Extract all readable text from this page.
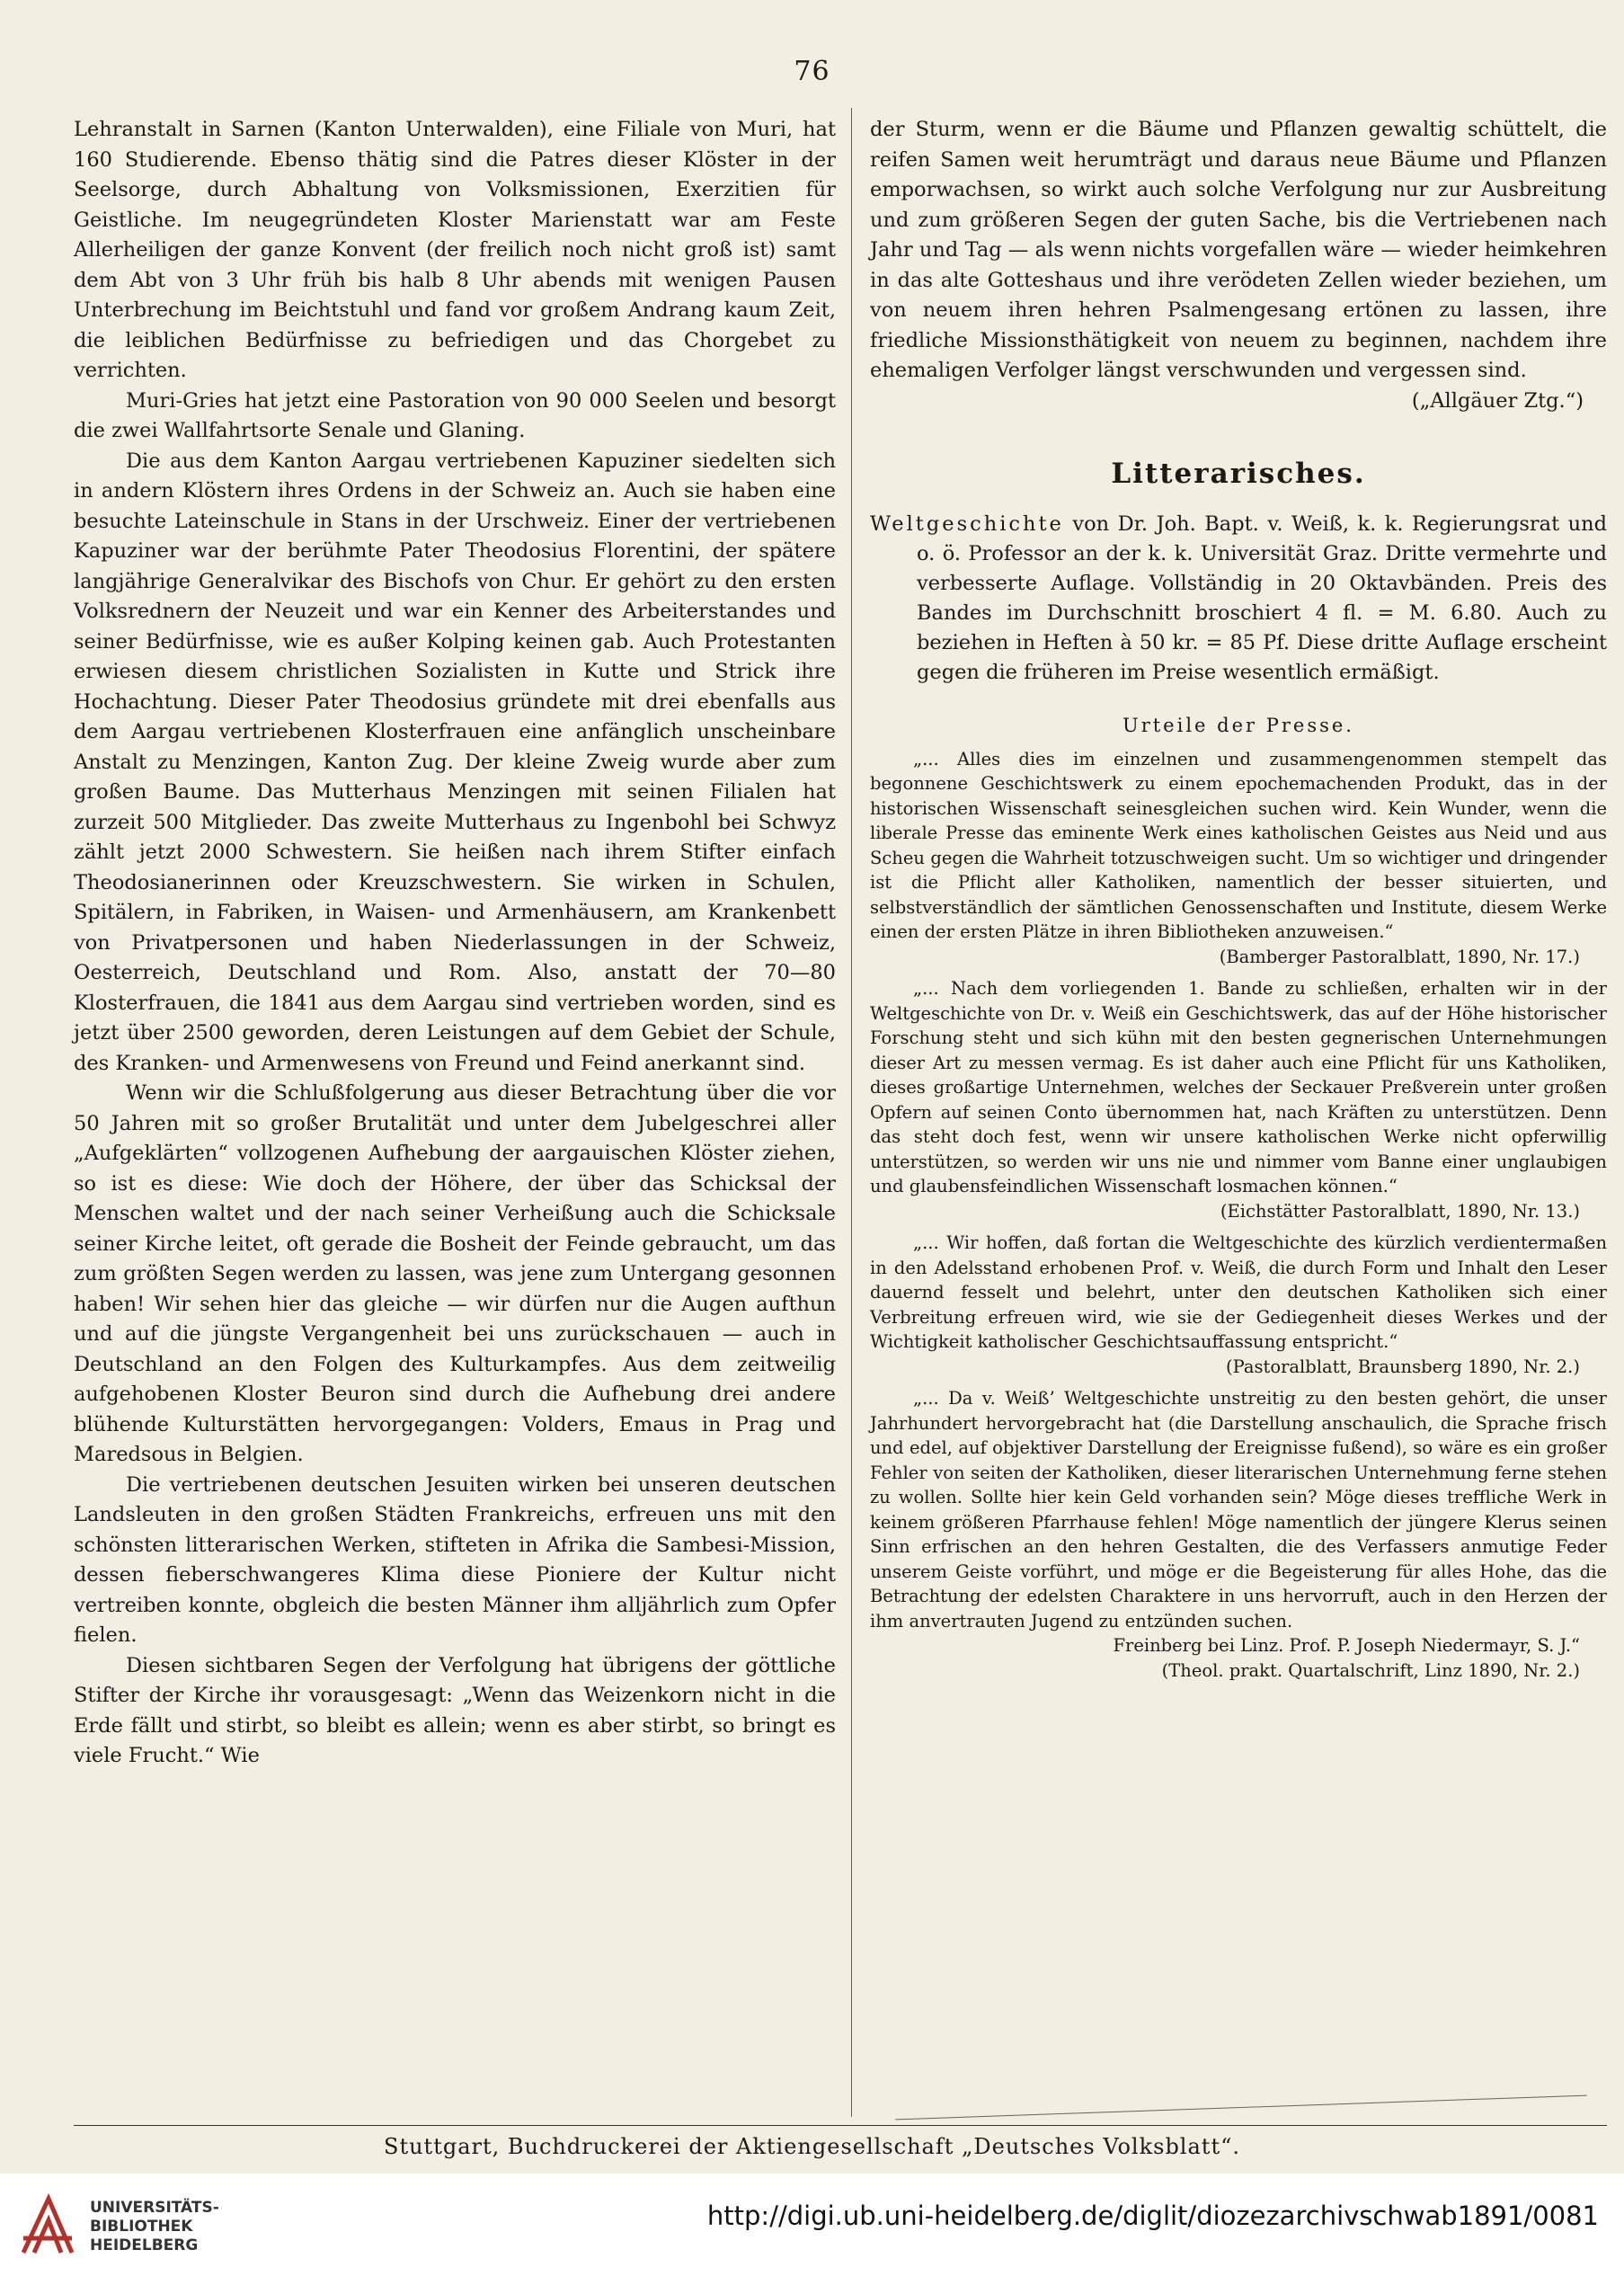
76

Lehranstalt in Sarnen (Kanton Unterwalden), eine Filiale von Muri, hat 160 Studierende. Ebenso thätig sind die Patres dieser Klöster in der Seelsorge, durch Abhaltung von Volksmissionen, Exerzitien für Geistliche. Im neugegründeten Kloster Marienstatt war am Feste Allerheiligen der ganze Konvent (der freilich noch nicht groß ist) samt dem Abt von 3 Uhr früh bis halb 8 Uhr abends mit wenigen Pausen Unterbrechung im Beichtstuhl und fand vor großem Andrang kaum Zeit, die leiblichen Bedürfnisse zu befriedigen und das Chorgebet zu verrichten.

Muri-Gries hat jetzt eine Pastoration von 90 000 Seelen und besorgt die zwei Wallfahrtsorte Senale und Glaning.

Die aus dem Kanton Aargau vertriebenen Kapuziner siedelten sich in andern Klöstern ihres Ordens in der Schweiz an. Auch sie haben eine besuchte Lateinschule in Stans in der Urschweiz. Einer der vertriebenen Kapuziner war der berühmte Pater Theodosius Florentini, der spätere langjährige Generalvikar des Bischofs von Chur. Er gehört zu den ersten Volksrednern der Neuzeit und war ein Kenner des Arbeiterstandes und seiner Bedürfnisse, wie es außer Kolping keinen gab. Auch Protestanten erwiesen diesem christlichen Sozialisten in Kutte und Strick ihre Hochachtung. Dieser Pater Theodosius gründete mit drei ebenfalls aus dem Aargau vertriebenen Klosterfrauen eine anfänglich unscheinbare Anstalt zu Menzingen, Kanton Zug. Der kleine Zweig wurde aber zum großen Baume. Das Mutterhaus Menzingen mit seinen Filialen hat zurzeit 500 Mitglieder. Das zweite Mutterhaus zu Ingenbohl bei Schwyz zählt jetzt 2000 Schwestern. Sie heißen nach ihrem Stifter einfach Theodosianerinnen oder Kreuzschwestern. Sie wirken in Schulen, Spitälern, in Fabriken, in Waisen- und Armenhäusern, am Krankenbett von Privatpersonen und haben Niederlassungen in der Schweiz, Oesterreich, Deutschland und Rom. Also, anstatt der 70—80 Klosterfrauen, die 1841 aus dem Aargau sind vertrieben worden, sind es jetzt über 2500 geworden, deren Leistungen auf dem Gebiet der Schule, des Kranken- und Armenwesens von Freund und Feind anerkannt sind.

Wenn wir die Schlußfolgerung aus dieser Betrachtung über die vor 50 Jahren mit so großer Brutalität und unter dem Jubelgeschrei aller „Aufgeklärten“ vollzogenen Aufhebung der aargauischen Klöster ziehen, so ist es diese: Wie doch der Höhere, der über das Schicksal der Menschen waltet und der nach seiner Verheißung auch die Schicksale seiner Kirche leitet, oft gerade die Bosheit der Feinde gebraucht, um das zum größten Segen werden zu lassen, was jene zum Untergang gesonnen haben! Wir sehen hier das gleiche — wir dürfen nur die Augen aufthun und auf die jüngste Vergangenheit bei uns zurückschauen — auch in Deutschland an den Folgen des Kulturkampfes. Aus dem zeitweilig aufgehobenen Kloster Beuron sind durch die Aufhebung drei andere blühende Kulturstätten hervorgegangen: Volders, Emaus in Prag und Maredsous in Belgien.

Die vertriebenen deutschen Jesuiten wirken bei unseren deutschen Landsleuten in den großen Städten Frankreichs, erfreuen uns mit den schönsten litterarischen Werken, stifteten in Afrika die Sambesi-Mission, dessen fieberschwangeres Klima diese Pioniere der Kultur nicht vertreiben konnte, obgleich die besten Männer ihm alljährlich zum Opfer fielen.

Diesen sichtbaren Segen der Verfolgung hat übrigens der göttliche Stifter der Kirche ihr vorausgesagt: „Wenn das Weizenkorn nicht in die Erde fällt und stirbt, so bleibt es allein; wenn es aber stirbt, so bringt es viele Frucht.“ Wie

der Sturm, wenn er die Bäume und Pflanzen gewaltig schüttelt, die reifen Samen weit herumträgt und daraus neue Bäume und Pflanzen emporwachsen, so wirkt auch solche Verfolgung nur zur Ausbreitung und zum größeren Segen der guten Sache, bis die Vertriebenen nach Jahr und Tag — als wenn nichts vorgefallen wäre — wieder heimkehren in das alte Gotteshaus und ihre verödeten Zellen wieder beziehen, um von neuem ihren hehren Psalmengesang ertönen zu lassen, ihre friedliche Missionsthätigkeit von neuem zu beginnen, nachdem ihre ehemaligen Verfolger längst verschwunden und vergessen sind.

(„Allgäuer Ztg.“)

Litterarisches.

Weltgeschichte von Dr. Joh. Bapt. v. Weiß, k. k. Regierungsrat und o. ö. Professor an der k. k. Universität Graz. Dritte vermehrte und verbesserte Auflage. Vollständig in 20 Oktavbänden. Preis des Bandes im Durchschnitt broschiert 4 fl. = M. 6.80. Auch zu beziehen in Heften à 50 kr. = 85 Pf. Diese dritte Auflage erscheint gegen die früheren im Preise wesentlich ermäßigt.

Urteile der Presse.

„... Alles dies im einzelnen und zusammengenommen stempelt das begonnene Geschichtswerk zu einem epochemachenden Produkt, das in der historischen Wissenschaft seinesgleichen suchen wird. Kein Wunder, wenn die liberale Presse das eminente Werk eines katholischen Geistes aus Neid und aus Scheu gegen die Wahrheit totzuschweigen sucht. Um so wichtiger und dringender ist die Pflicht aller Katholiken, namentlich der besser situierten, und selbstverständlich der sämtlichen Genossenschaften und Institute, diesem Werke einen der ersten Plätze in ihren Bibliotheken anzuweisen.“

(Bamberger Pastoralblatt, 1890, Nr. 17.)

„... Nach dem vorliegenden 1. Bande zu schließen, erhalten wir in der Weltgeschichte von Dr. v. Weiß ein Geschichtswerk, das auf der Höhe historischer Forschung steht und sich kühn mit den besten gegnerischen Unternehmungen dieser Art zu messen vermag. Es ist daher auch eine Pflicht für uns Katholiken, dieses großartige Unternehmen, welches der Seckauer Preßverein unter großen Opfern auf seinen Conto übernommen hat, nach Kräften zu unterstützen. Denn das steht doch fest, wenn wir unsere katholischen Werke nicht opferwillig unterstützen, so werden wir uns nie und nimmer vom Banne einer unglaubigen und glaubensfeindlichen Wissenschaft losmachen können.“

(Eichstätter Pastoralblatt, 1890, Nr. 13.)

„... Wir hoffen, daß fortan die Weltgeschichte des kürzlich verdientermaßen in den Adelsstand erhobenen Prof. v. Weiß, die durch Form und Inhalt den Leser dauernd fesselt und belehrt, unter den deutschen Katholiken sich einer Verbreitung erfreuen wird, wie sie der Gediegenheit dieses Werkes und der Wichtigkeit katholischer Geschichtsauffassung entspricht.“

(Pastoralblatt, Braunsberg 1890, Nr. 2.)

„... Da v. Weiß’ Weltgeschichte unstreitig zu den besten gehört, die unser Jahrhundert hervorgebracht hat (die Darstellung anschaulich, die Sprache frisch und edel, auf objektiver Darstellung der Ereignisse fußend), so wäre es ein großer Fehler von seiten der Katholiken, dieser literarischen Unternehmung ferne stehen zu wollen. Sollte hier kein Geld vorhanden sein? Möge dieses treffliche Werk in keinem größeren Pfarrhause fehlen! Möge namentlich der jüngere Klerus seinen Sinn erfrischen an den hehren Gestalten, die des Verfassers anmutige Feder unserem Geiste vorführt, und möge er die Begeisterung für alles Hohe, das die Betrachtung der edelsten Charaktere in uns hervorruft, auch in den Herzen der ihm anvertrauten Jugend zu entzünden suchen.

Freinberg bei Linz. Prof. P. Joseph Niedermayr, S. J.“

(Theol. prakt. Quartalschrift, Linz 1890, Nr. 2.)

Stuttgart, Buchdruckerei der Aktiengesellschaft „Deutsches Volksblatt“.
UNIVERSITÄTS-
BIBLIOTHEK
HEIDELBERG
http://digi.ub.uni-heidelberg.de/diglit/diozezarchivschwab1891/0081
